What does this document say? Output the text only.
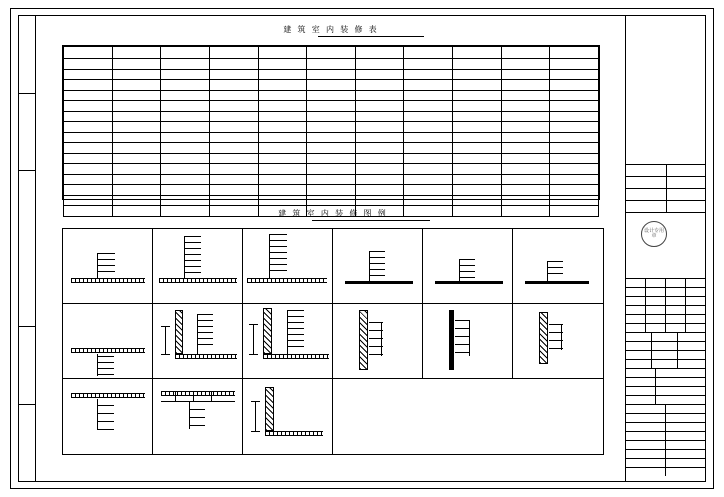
建 筑 室 内 装 修 表
建 筑 室 内 装 修 图 例

设计专用章
